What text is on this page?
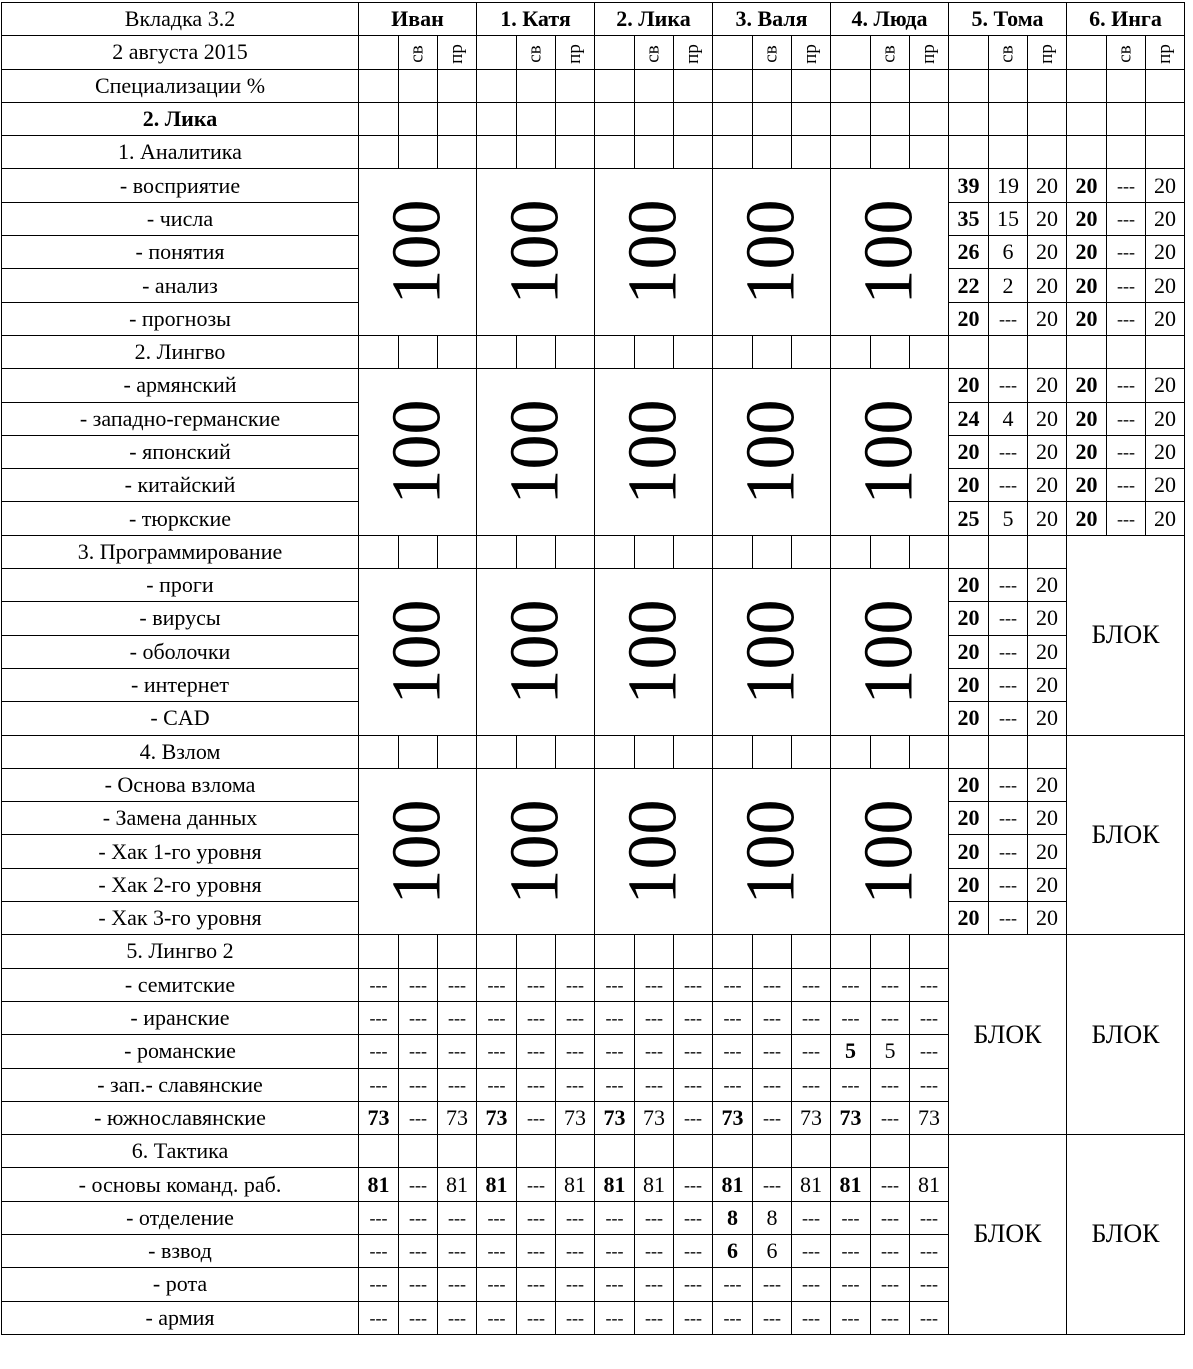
Вкладка 3.2	Иван			1. Катя			2. Лика			3. Валя			4. Люда			5. Тома			6. Инга		
2 августа 2015		св	пр		св	пр		св	пр		св	пр		св	пр		св	пр		св	пр
Специализации %																					
2. Лика																					
1. Аналитика																					
- восприятие	100			100			100			100			100			39	19	20	20	---	20
- числа																35	15	20	20	---	20
- понятия																26	6	20	20	---	20
- анализ																22	2	20	20	---	20
- прогнозы																20	---	20	20	---	20
2. Лингво																					
- армянский	100			100			100			100			100			20	---	20	20	---	20
- западно-германские																24	4	20	20	---	20
- японский																20	---	20	20	---	20
- китайский																20	---	20	20	---	20
- тюркские																25	5	20	20	---	20
3. Программирование																			БЛОК		
- проги	100			100			100			100			100			20	---	20			
- вирусы																20	---	20			
- оболочки																20	---	20			
- интернет																20	---	20			
- CAD																20	---	20			
4. Взлом																			БЛОК		
- Основа взлома	100			100			100			100			100			20	---	20			
- Замена данных																20	---	20			
- Хак 1-го уровня																20	---	20			
- Хак 2-го уровня																20	---	20			
- Хак 3-го уровня																20	---	20			
5. Лингво 2																БЛОК			БЛОК		
- семитские	---	---	---	---	---	---	---	---	---	---	---	---	---	---	---						
- иранские	---	---	---	---	---	---	---	---	---	---	---	---	---	---	---						
- романские	---	---	---	---	---	---	---	---	---	---	---	---	5	5	---						
- зап.- славянские	---	---	---	---	---	---	---	---	---	---	---	---	---	---	---						
- южнославянские	73	---	73	73	---	73	73	73	---	73	---	73	73	---	73						
6. Тактика																БЛОК			БЛОК		
- основы команд. раб.	81	---	81	81	---	81	81	81	---	81	---	81	81	---	81						
- отделение	---	---	---	---	---	---	---	---	---	8	8	---	---	---	---						
- взвод	---	---	---	---	---	---	---	---	---	6	6	---	---	---	---						
- рота	---	---	---	---	---	---	---	---	---	---	---	---	---	---	---						
- армия	---	---	---	---	---	---	---	---	---	---	---	---	---	---	---						
